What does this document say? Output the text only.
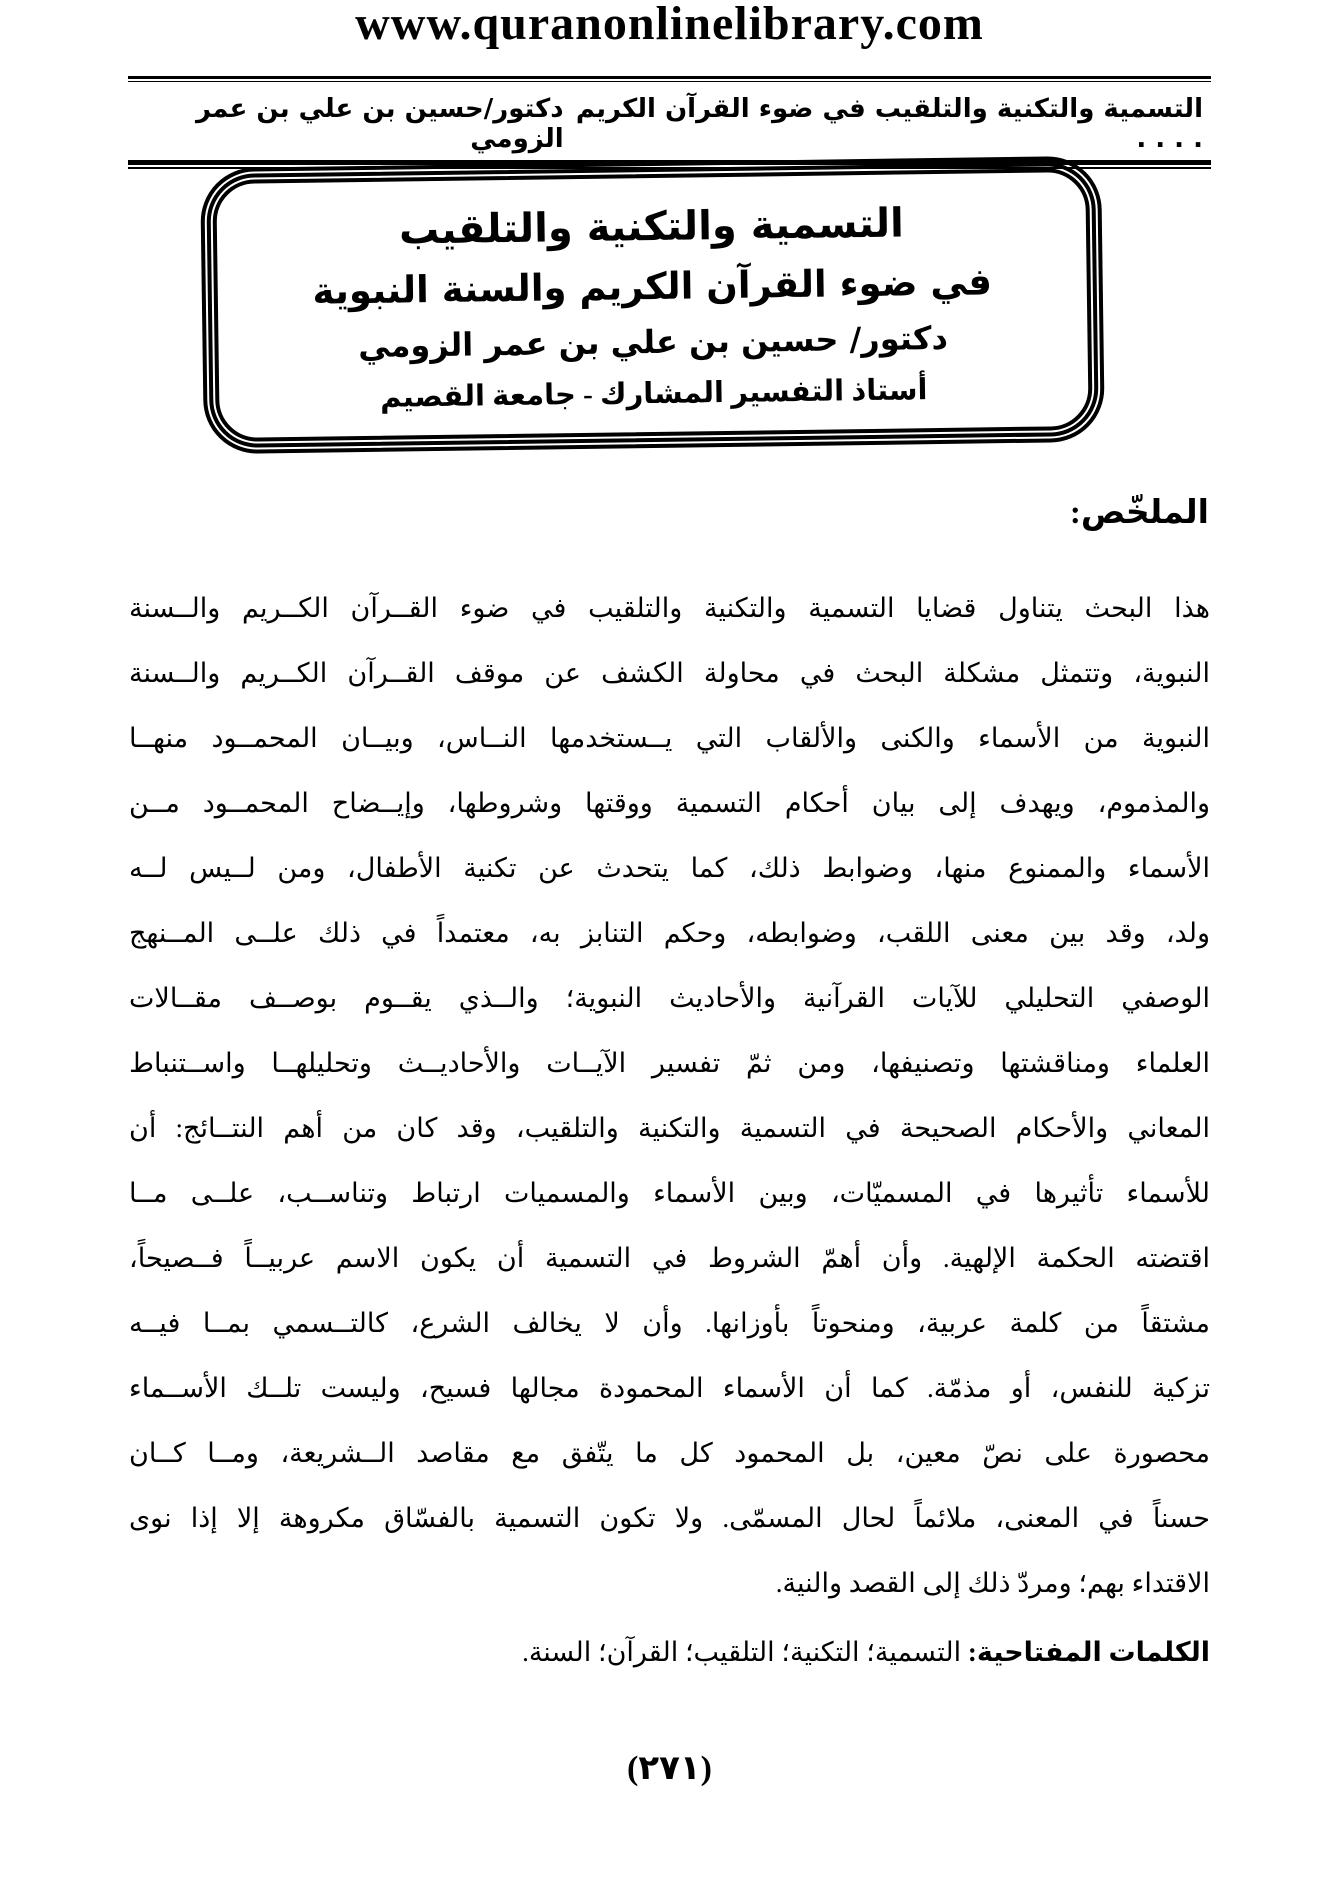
www.quranonlinelibrary.com
التسمية والتكنية والتلقيب في ضوء القرآن الكريم . . . .
دكتور/حسين بن علي بن عمر الزومي
التسمية والتكنية والتلقيب
في ضوء القرآن الكريم والسنة النبوية
دكتور/ حسين بن علي بن عمر الزومي
أستاذ التفسير المشارك - جامعة القصيم
الملخّص:
هذا البحث يتناول قضايا التسمية والتكنية والتلقيب في ضوء القــرآن الكــريم والــسنة
النبوية، وتتمثل مشكلة البحث في محاولة الكشف عن موقف القــرآن الكــريم والــسنة
النبوية من الأسماء والكنى والألقاب التي يــستخدمها النــاس، وبيــان المحمــود منهــا
والمذموم، ويهدف إلى بيان أحكام التسمية ووقتها وشروطها، وإيــضاح المحمــود مــن
الأسماء والممنوع منها، وضوابط ذلك، كما يتحدث عن تكنية الأطفال، ومن لــيس لــه
ولد، وقد بين معنى اللقب، وضوابطه، وحكم التنابز به، معتمداً في ذلك علــى المــنهج
الوصفي التحليلي للآيات القرآنية والأحاديث النبوية؛ والــذي يقــوم بوصــف مقــالات
العلماء ومناقشتها وتصنيفها، ومن ثمّ تفسير الآيــات والأحاديــث وتحليلهــا واســتنباط
المعاني والأحكام الصحيحة في التسمية والتكنية والتلقيب، وقد كان من أهم النتــائج: أن
للأسماء تأثيرها في المسميّات، وبين الأسماء والمسميات ارتباط وتناســب، علــى مــا
اقتضته الحكمة الإلهية. وأن أهمّ الشروط في التسمية أن يكون الاسم عربيــاً فــصيحاً،
مشتقاً من كلمة عربية، ومنحوتاً بأوزانها. وأن لا يخالف الشرع، كالتــسمي بمــا فيــه
تزكية للنفس، أو مذمّة. كما أن الأسماء المحمودة مجالها فسيح، وليست تلــك الأســماء
محصورة على نصّ معين، بل المحمود كل ما يتّفق مع مقاصد الــشريعة، ومــا كــان
حسناً في المعنى، ملائماً لحال المسمّى. ولا تكون التسمية بالفسّاق مكروهة إلا إذا نوى
الاقتداء بهم؛ ومردّ ذلك إلى القصد والنية.
الكلمات المفتاحية: التسمية؛ التكنية؛ التلقيب؛ القرآن؛ السنة.
(٢٧١)
